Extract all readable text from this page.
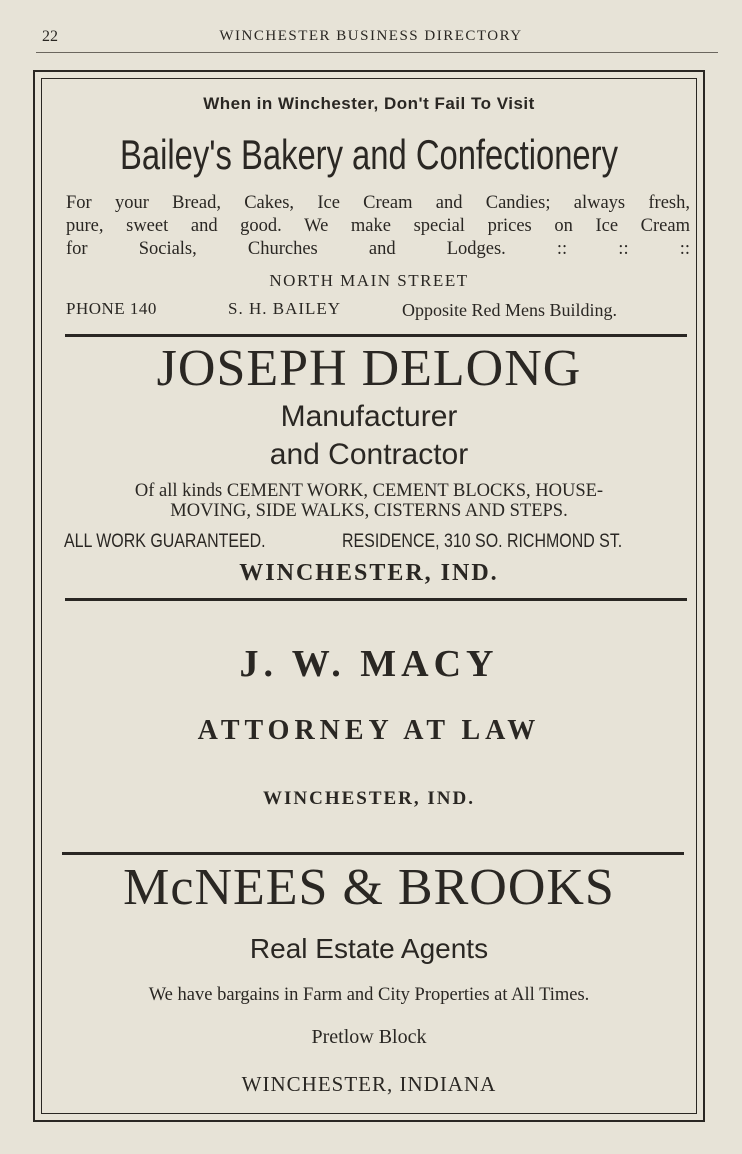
22	WINCHESTER BUSINESS DIRECTORY
When in Winchester, Don't Fail To Visit
Bailey's Bakery and Confectionery
For your Bread, Cakes, Ice Cream and Candies; always fresh,
pure, sweet and good. We make special prices on Ice Cream
for Socials, Churches and Lodges. :: :: ::
NORTH MAIN STREET
PHONE 140	S. H. BAILEY	Opposite Red Mens Building.
JOSEPH DELONG
Manufacturer
and Contractor
Of all kinds CEMENT WORK, CEMENT BLOCKS, HOUSE-
MOVING, SIDE WALKS, CISTERNS AND STEPS.
ALL WORK GUARANTEED.	RESIDENCE, 310 SO. RICHMOND ST.
WINCHESTER, IND.
J. W. MACY
ATTORNEY AT LAW
WINCHESTER, IND.
McNEES & BROOKS
Real Estate Agents
We have bargains in Farm and City Properties at All Times.
Pretlow Block
WINCHESTER, INDIANA
